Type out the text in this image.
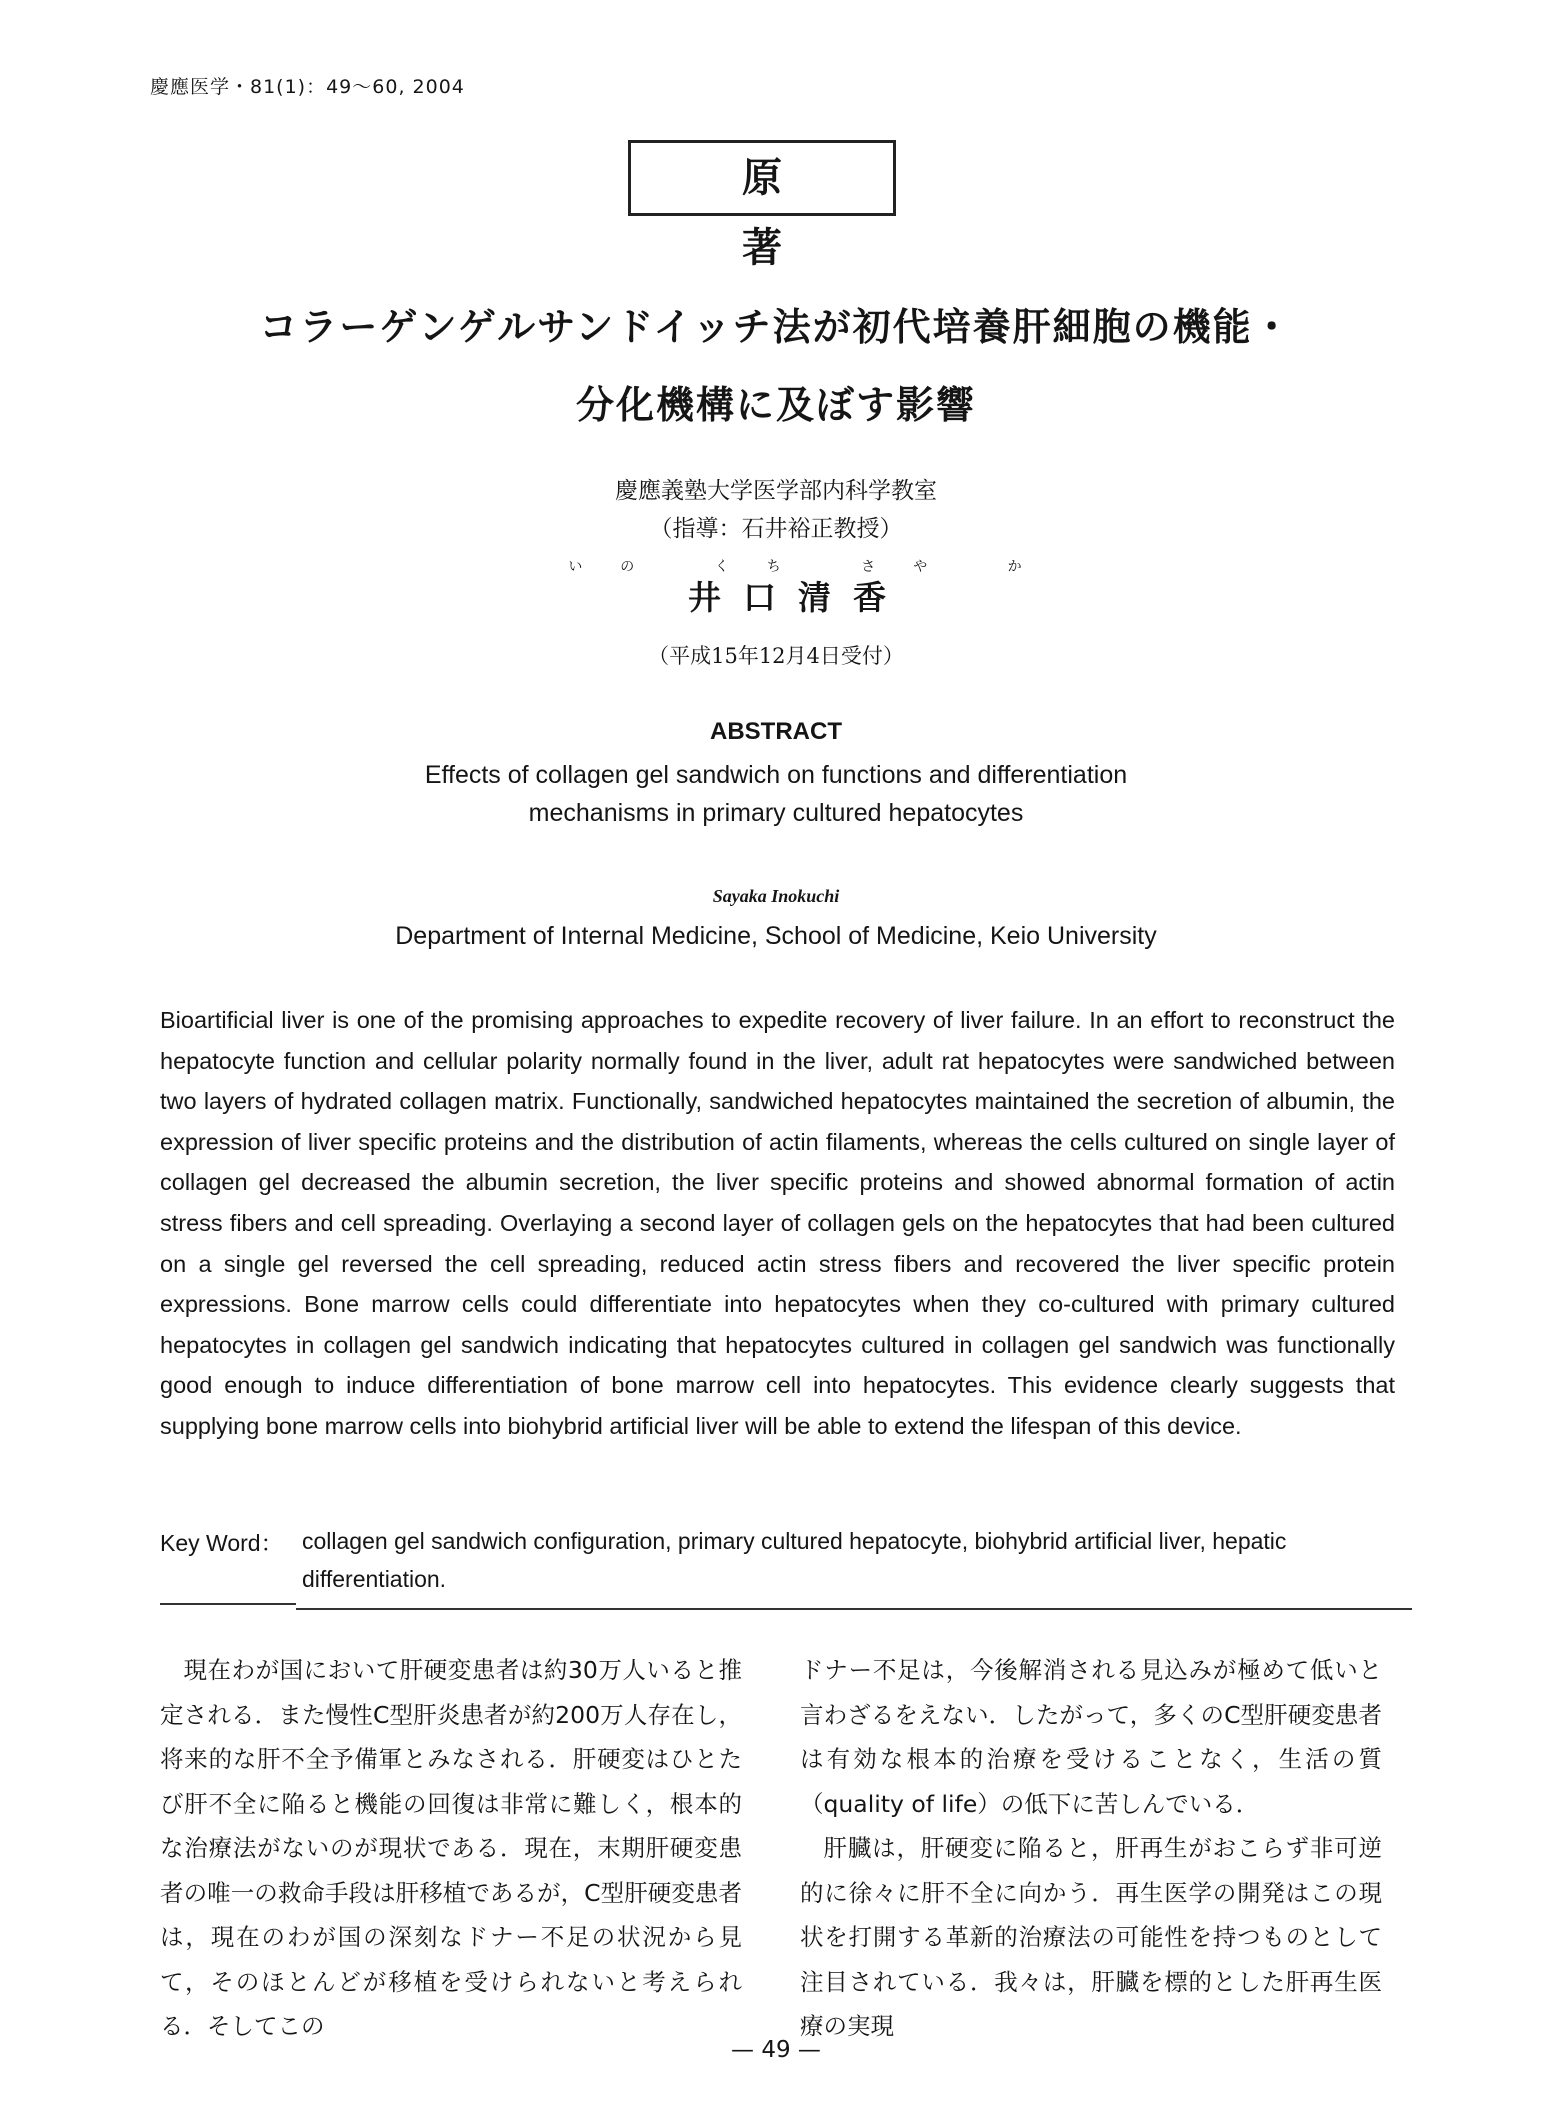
慶應医学・81(1)：49〜60, 2004
原著
コラーゲンゲルサンドイッチ法が初代培養肝細胞の機能・
分化機構に及ぼす影響
慶應義塾大学医学部内科学教室
（指導：石井裕正教授）
いの くち さや か
井口清香
（平成15年12月4日受付）
ABSTRACT
Effects of collagen gel sandwich on functions and differentiation mechanisms in primary cultured hepatocytes
Sayaka Inokuchi
Department of Internal Medicine, School of Medicine, Keio University
Bioartificial liver is one of the promising approaches to expedite recovery of liver failure. In an effort to reconstruct the hepatocyte function and cellular polarity normally found in the liver, adult rat hepatocytes were sandwiched between two layers of hydrated collagen matrix. Functionally, sandwiched hepatocytes maintained the secretion of albumin, the expression of liver specific proteins and the distribution of actin filaments, whereas the cells cultured on single layer of collagen gel decreased the albumin secretion, the liver specific proteins and showed abnormal formation of actin stress fibers and cell spreading. Overlaying a second layer of collagen gels on the hepatocytes that had been cultured on a single gel reversed the cell spreading, reduced actin stress fibers and recovered the liver specific protein expressions. Bone marrow cells could differentiate into hepatocytes when they co-cultured with primary cultured hepatocytes in collagen gel sandwich indicating that hepatocytes cultured in collagen gel sandwich was functionally good enough to induce differentiation of bone marrow cell into hepatocytes. This evidence clearly suggests that supplying bone marrow cells into biohybrid artificial liver will be able to extend the lifespan of this device.
Key Word： collagen gel sandwich configuration, primary cultured hepatocyte, biohybrid artificial liver, hepatic differentiation.

現在わが国において肝硬変患者は約30万人いると推定される．また慢性C型肝炎患者が約200万人存在し，将来的な肝不全予備軍とみなされる．肝硬変はひとたび肝不全に陥ると機能の回復は非常に難しく，根本的な治療法がないのが現状である．現在，末期肝硬変患者の唯一の救命手段は肝移植であるが，C型肝硬変患者は，現在のわが国の深刻なドナー不足の状況から見て，そのほとんどが移植を受けられないと考えられる．そしてこの

ドナー不足は，今後解消される見込みが極めて低いと言わざるをえない．したがって，多くのC型肝硬変患者は有効な根本的治療を受けることなく，生活の質（quality of life）の低下に苦しんでいる．

肝臓は，肝硬変に陥ると，肝再生がおこらず非可逆的に徐々に肝不全に向かう．再生医学の開発はこの現状を打開する革新的治療法の可能性を持つものとして注目されている．我々は，肝臓を標的とした肝再生医療の実現

— 49 —
